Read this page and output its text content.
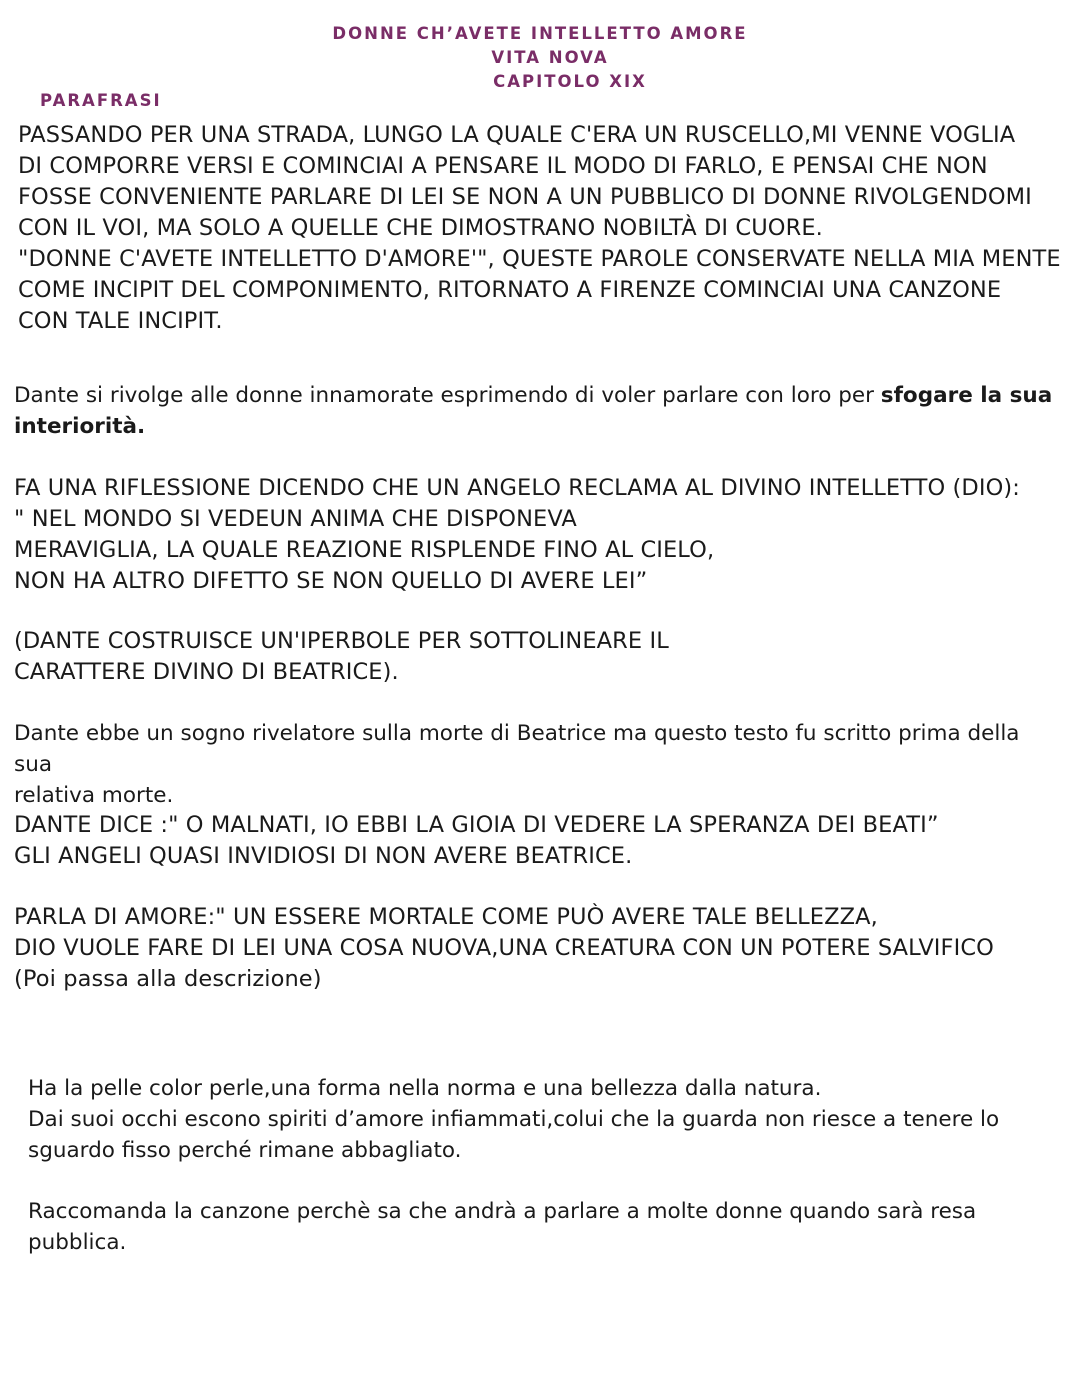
DONNE CH’AVETE INTELLETTO AMORE
VITA NOVA
CAPITOLO XIX
PARAFRASI
PASSANDO PER UNA STRADA, LUNGO LA QUALE C'ERA UN RUSCELLO,MI VENNE VOGLIA
DI COMPORRE VERSI E COMINCIAI A PENSARE IL MODO DI FARLO, E PENSAI CHE NON
FOSSE CONVENIENTE PARLARE DI LEI SE NON A UN PUBBLICO DI DONNE RIVOLGENDOMI
CON IL VOI, MA SOLO A QUELLE CHE DIMOSTRANO NOBILTÀ DI CUORE.
"DONNE C'AVETE INTELLETTO D'AMORE'", QUESTE PAROLE CONSERVATE NELLA MIA MENTE
COME INCIPIT DEL COMPONIMENTO, RITORNATO A FIRENZE COMINCIAI UNA CANZONE
CON TALE INCIPIT.
Dante si rivolge alle donne innamorate esprimendo di voler parlare con loro per sfogare la sua interiorità.
FA UNA RIFLESSIONE DICENDO CHE UN ANGELO RECLAMA AL DIVINO INTELLETTO (DIO):
" NEL MONDO SI VEDEUN ANIMA CHE DISPONEVA
MERAVIGLIA, LA QUALE REAZIONE RISPLENDE FINO AL CIELO,
NON HA ALTRO DIFETTO SE NON QUELLO DI AVERE LEI”
(DANTE COSTRUISCE UN'IPERBOLE PER SOTTOLINEARE IL
CARATTERE DIVINO DI BEATRICE).
Dante ebbe un sogno rivelatore sulla morte di Beatrice ma questo testo fu scritto prima della sua
relativa morte.
DANTE DICE :" O MALNATI, IO EBBI LA GIOIA DI VEDERE LA SPERANZA DEI BEATI”
GLI ANGELI QUASI INVIDIOSI DI NON AVERE BEATRICE.
PARLA DI AMORE:" UN ESSERE MORTALE COME PUÒ AVERE TALE BELLEZZA,
DIO VUOLE FARE DI LEI UNA COSA NUOVA,UNA CREATURA CON UN POTERE SALVIFICO
(Poi passa alla descrizione)
Ha la pelle color perle,una forma nella norma e una bellezza dalla natura.
Dai suoi occhi escono spiriti d’amore infiammati,colui che la guarda non riesce a tenere lo
sguardo fisso perché rimane abbagliato.
Raccomanda la canzone perchè sa che andrà a parlare a molte donne quando sarà resa
pubblica.
